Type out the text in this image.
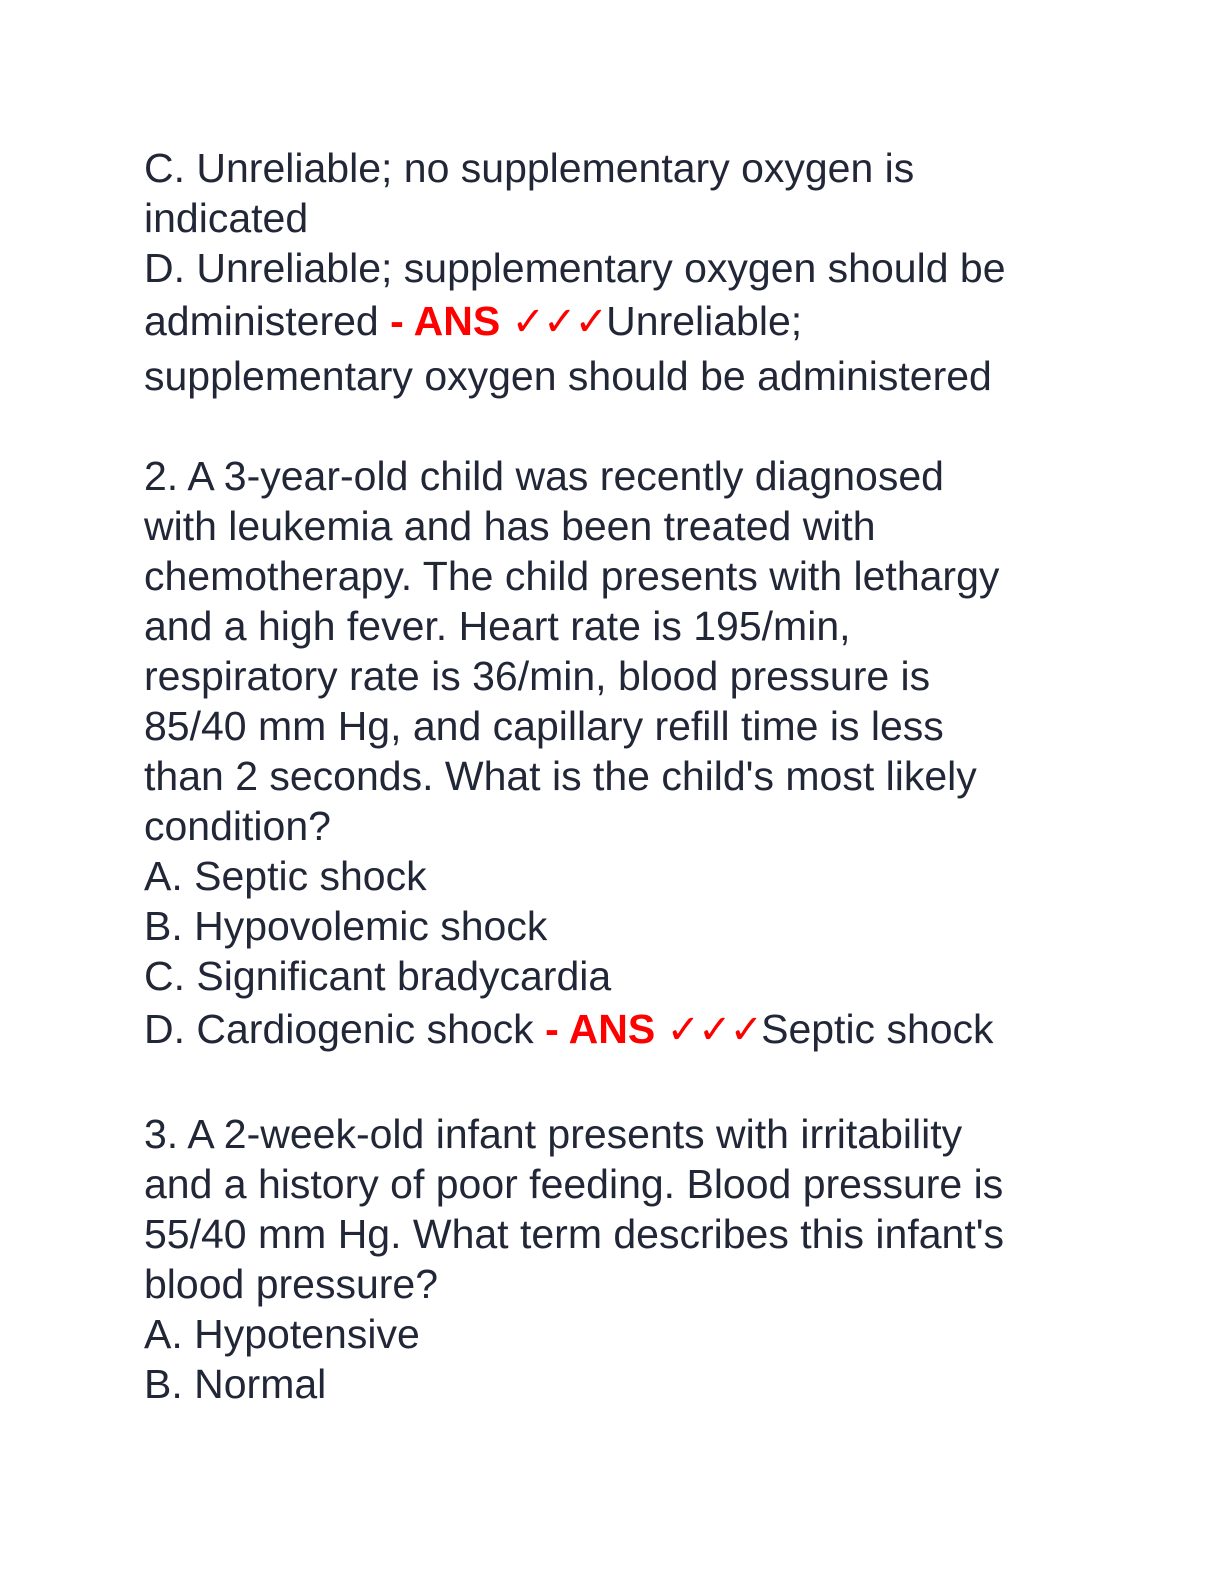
C. Unreliable; no supplementary oxygen is
indicated
D. Unreliable; supplementary oxygen should be
administered - ANS ✓✓✓Unreliable;
supplementary oxygen should be administered
2. A 3-year-old child was recently diagnosed
with leukemia and has been treated with
chemotherapy. The child presents with lethargy
and a high fever. Heart rate is 195/min,
respiratory rate is 36/min, blood pressure is
85/40 mm Hg, and capillary refill time is less
than 2 seconds. What is the child's most likely
condition?
A. Septic shock
B. Hypovolemic shock
C. Significant bradycardia
D. Cardiogenic shock - ANS ✓✓✓Septic shock
3. A 2-week-old infant presents with irritability
and a history of poor feeding. Blood pressure is
55/40 mm Hg. What term describes this infant's
blood pressure?
A. Hypotensive
B. Normal
